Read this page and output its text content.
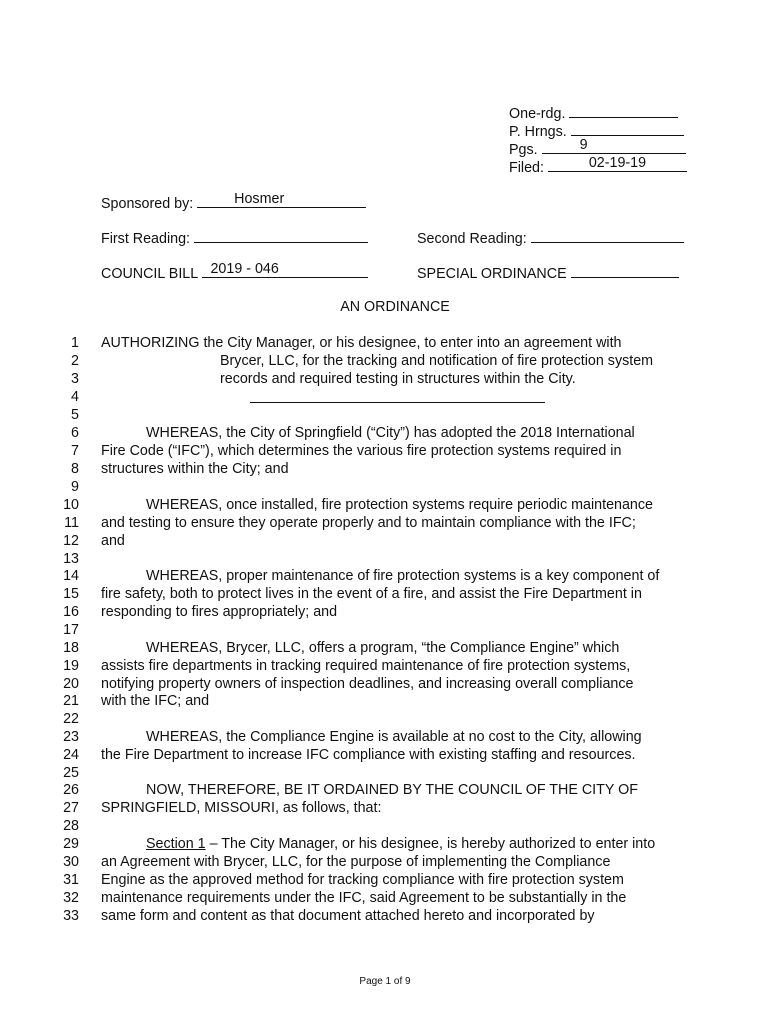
One-rdg.
P. Hrngs.
Pgs.	9
Filed:	02-19-19
Sponsored by:	Hosmer
First Reading:	Second Reading:
COUNCIL BILL 2019 - 046	SPECIAL ORDINANCE
AN ORDINANCE
1
2
3
4
5
6
7
8
9
10
11
12
13
14
15
16
17
18
19
20
21
22
23
24
25
26
27
28
29
30
31
32
33
AUTHORIZING the City Manager, or his designee, to enter into an agreement with
Brycer, LLC, for the tracking and notification of fire protection system
records and required testing in structures within the City.
WHEREAS, the City of Springfield (“City”) has adopted the 2018 International
Fire Code (“IFC”), which determines the various fire protection systems required in
structures within the City; and
WHEREAS, once installed, fire protection systems require periodic maintenance
and testing to ensure they operate properly and to maintain compliance with the IFC;
and
WHEREAS, proper maintenance of fire protection systems is a key component of
fire safety, both to protect lives in the event of a fire, and assist the Fire Department in
responding to fires appropriately; and
WHEREAS, Brycer, LLC, offers a program, “the Compliance Engine” which
assists fire departments in tracking required maintenance of fire protection systems,
notifying property owners of inspection deadlines, and increasing overall compliance
with the IFC; and
WHEREAS, the Compliance Engine is available at no cost to the City, allowing
the Fire Department to increase IFC compliance with existing staffing and resources.
NOW, THEREFORE, BE IT ORDAINED BY THE COUNCIL OF THE CITY OF
SPRINGFIELD, MISSOURI, as follows, that:
Section 1 – The City Manager, or his designee, is hereby authorized to enter into
an Agreement with Brycer, LLC, for the purpose of implementing the Compliance
Engine as the approved method for tracking compliance with fire protection system
maintenance requirements under the IFC, said Agreement to be substantially in the
same form and content as that document attached hereto and incorporated by
Page 1 of 9
